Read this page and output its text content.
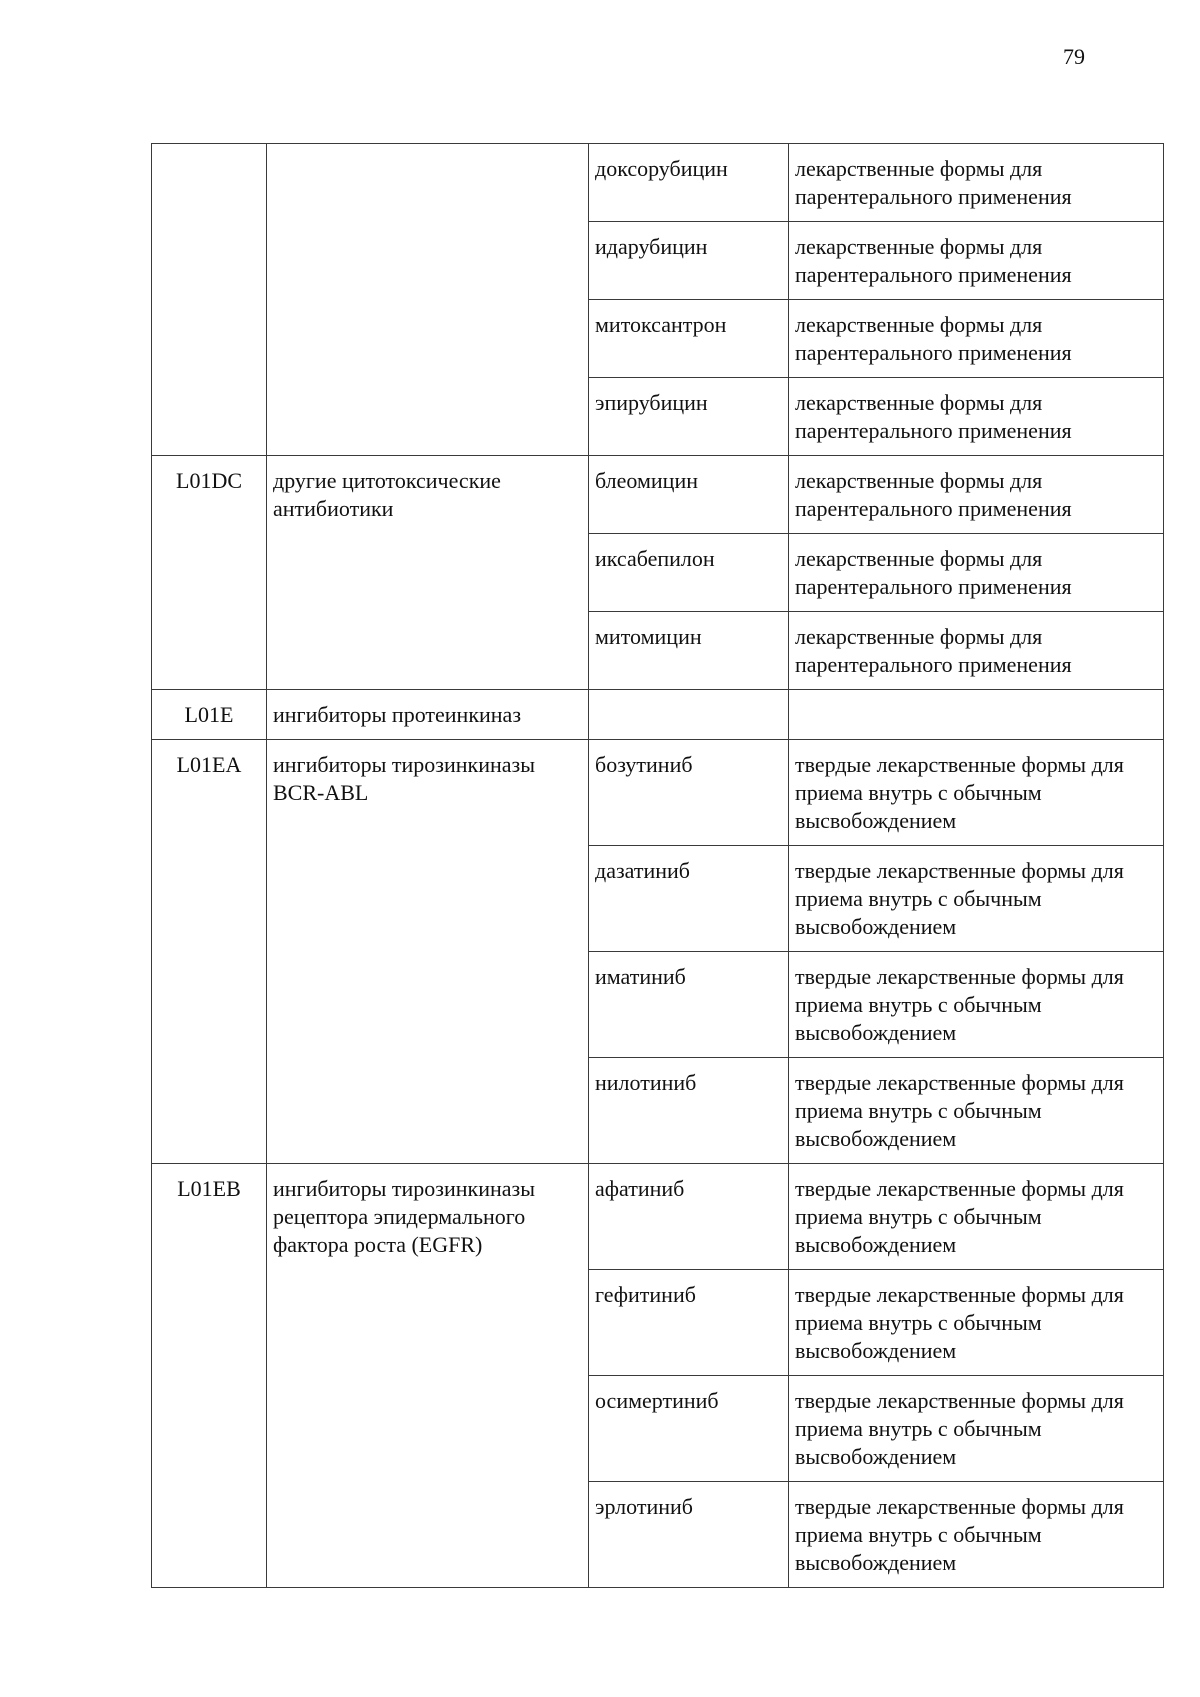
79
		доксорубицин	лекарственные формы для парентерального применения
		идарубицин	лекарственные формы для парентерального применения
		митоксантрон	лекарственные формы для парентерального применения
		эпирубицин	лекарственные формы для парентерального применения
L01DC	другие цитотоксические антибиотики	блеомицин	лекарственные формы для парентерального применения
		иксабепилон	лекарственные формы для парентерального применения
		митомицин	лекарственные формы для парентерального применения
L01E	ингибиторы протеинкиназ		
L01EA	ингибиторы тирозинкиназы BCR-ABL	бозутиниб	твердые лекарственные формы для приема внутрь с обычным высвобождением
		дазатиниб	твердые лекарственные формы для приема внутрь с обычным высвобождением
		иматиниб	твердые лекарственные формы для приема внутрь с обычным высвобождением
		нилотиниб	твердые лекарственные формы для приема внутрь с обычным высвобождением
L01EB	ингибиторы тирозинкиназы рецептора эпидермального фактора роста (EGFR)	афатиниб	твердые лекарственные формы для приема внутрь с обычным высвобождением
		гефитиниб	твердые лекарственные формы для приема внутрь с обычным высвобождением
		осимертиниб	твердые лекарственные формы для приема внутрь с обычным высвобождением
		эрлотиниб	твердые лекарственные формы для приема внутрь с обычным высвобождением
